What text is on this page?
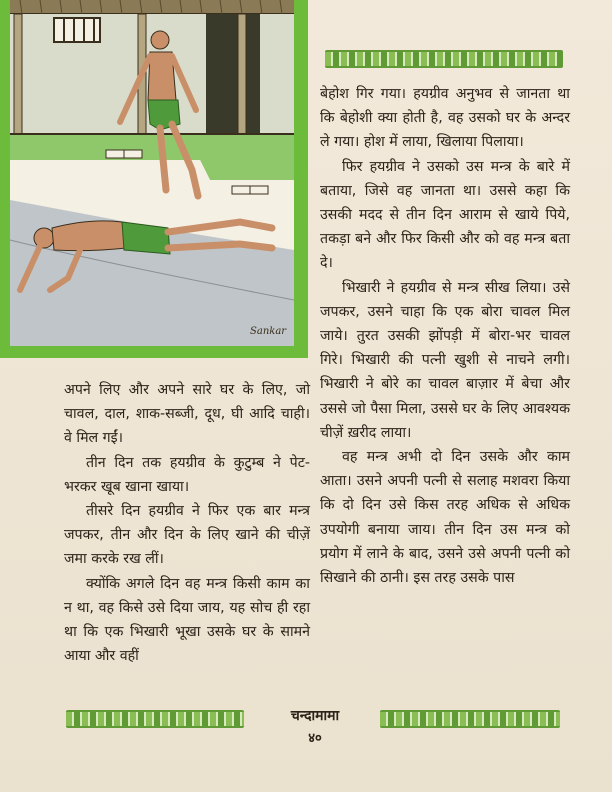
Sankar

बेहोश गिर गया। हयग्रीव अनुभव से जानता था कि बेहोशी क्या होती है, वह उसको घर के अन्दर ले गया। होश में लाया, खिलाया पिलाया।

फिर हयग्रीव ने उसको उस मन्त्र के बारे में बताया, जिसे वह जानता था। उससे कहा कि उसकी मदद से तीन दिन आराम से खाये पिये, तकड़ा बने और फिर किसी और को वह मन्त्र बता दे।

भिखारी ने हयग्रीव से मन्त्र सीख लिया। उसे जपकर, उसने चाहा कि एक बोरा चावल मिल जाये। तुरत उसकी झोंपड़ी में बोरा-भर चावल गिरे। भिखारी की पत्नी खुशी से नाचने लगी। भिखारी ने बोरे का चावल बाज़ार में बेचा और उससे जो पैसा मिला, उससे घर के लिए आवश्यक चीज़ें ख़रीद लाया।

वह मन्त्र अभी दो दिन उसके और काम आता। उसने अपनी पत्नी से सलाह मशवरा किया कि दो दिन उसे किस तरह अधिक से अधिक उपयोगी बनाया जाय। तीन दिन उस मन्त्र को प्रयोग में लाने के बाद, उसने उसे अपनी पत्नी को सिखाने की ठानी। इस तरह उसके पास

अपने लिए और अपने सारे घर के लिए, जो चावल, दाल, शाक-सब्जी, दूध, घी आदि चाही। वे मिल गईं।

तीन दिन तक हयग्रीव के कुटुम्ब ने पेट-भरकर खूब खाना खाया।

तीसरे दिन हयग्रीव ने फिर एक बार मन्त्र जपकर, तीन और दिन के लिए खाने की चीज़ें जमा करके रख लीं।

क्योंकि अगले दिन वह मन्त्र किसी काम का न था, वह किसे उसे दिया जाय, यह सोच ही रहा था कि एक भिखारी भूखा उसके घर के सामने आया और वहीं

चन्दामामा
४०
